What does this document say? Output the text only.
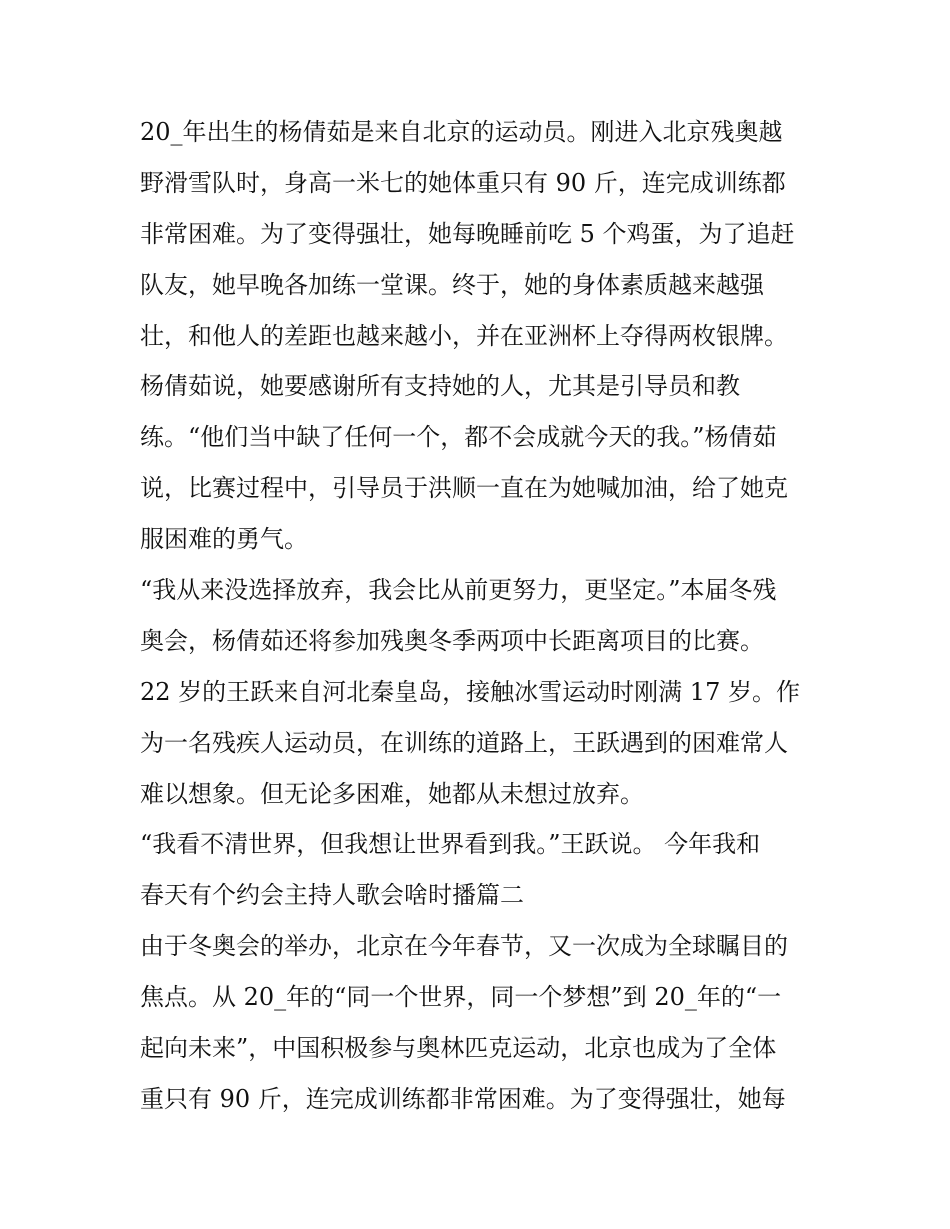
20_年出生的杨倩茹是来自北京的运动员。刚进入北京残奥越
野滑雪队时，身高一米七的她体重只有 90 斤，连完成训练都
非常困难。为了变得强壮，她每晚睡前吃 5 个鸡蛋，为了追赶
队友，她早晚各加练一堂课。终于，她的身体素质越来越强
壮，和他人的差距也越来越小，并在亚洲杯上夺得两枚银牌。
杨倩茹说，她要感谢所有支持她的人，尤其是引导员和教
练。“他们当中缺了任何一个，都不会成就今天的我。”杨倩茹
说，比赛过程中，引导员于洪顺一直在为她喊加油，给了她克
服困难的勇气。
“我从来没选择放弃，我会比从前更努力，更坚定。”本届冬残
奥会，杨倩茹还将参加残奥冬季两项中长距离项目的比赛。
22 岁的王跃来自河北秦皇岛，接触冰雪运动时刚满 17 岁。作
为一名残疾人运动员，在训练的道路上，王跃遇到的困难常人
难以想象。但无论多困难，她都从未想过放弃。
“我看不清世界，但我想让世界看到我。”王跃说。 今年我和
春天有个约会主持人歌会啥时播篇二
由于冬奥会的举办，北京在今年春节，又一次成为全球瞩目的
焦点。从 20_年的“同一个世界，同一个梦想”到 20_年的“一
起向未来”，中国积极参与奥林匹克运动，北京也成为了全体
重只有 90 斤，连完成训练都非常困难。为了变得强壮，她每
